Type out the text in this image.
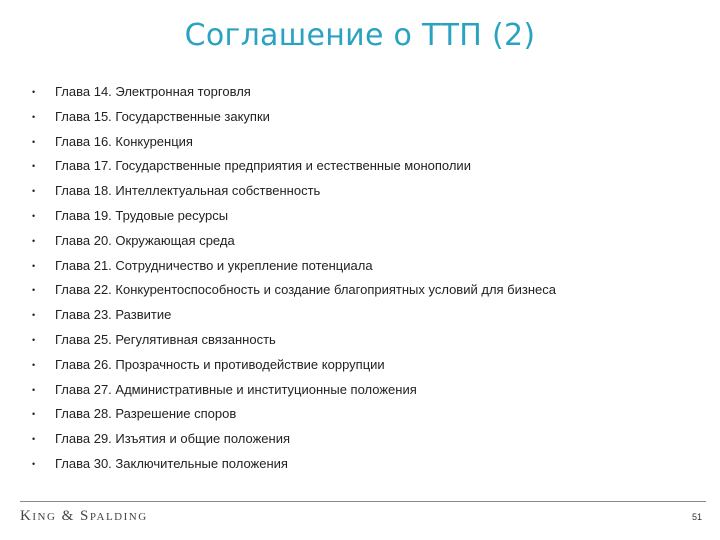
Соглашение о ТТП (2)
• Глава 14. Электронная торговля
• Глава 15. Государственные закупки
• Глава 16. Конкуренция
• Глава 17. Государственные предприятия и естественные монополии
• Глава 18. Интеллектуальная собственность
• Глава 19. Трудовые ресурсы
• Глава 20. Окружающая среда
• Глава 21. Сотрудничество и укрепление потенциала
• Глава 22. Конкурентоспособность и создание благоприятных условий для бизнеса
• Глава 23. Развитие
• Глава 25. Регулятивная связанность
• Глава 26. Прозрачность и противодействие коррупции
• Глава 27. Административные и институционные положения
• Глава 28. Разрешение споров
• Глава 29. Изъятия и общие положения
• Глава 30. Заключительные положения
King & Spalding	51
